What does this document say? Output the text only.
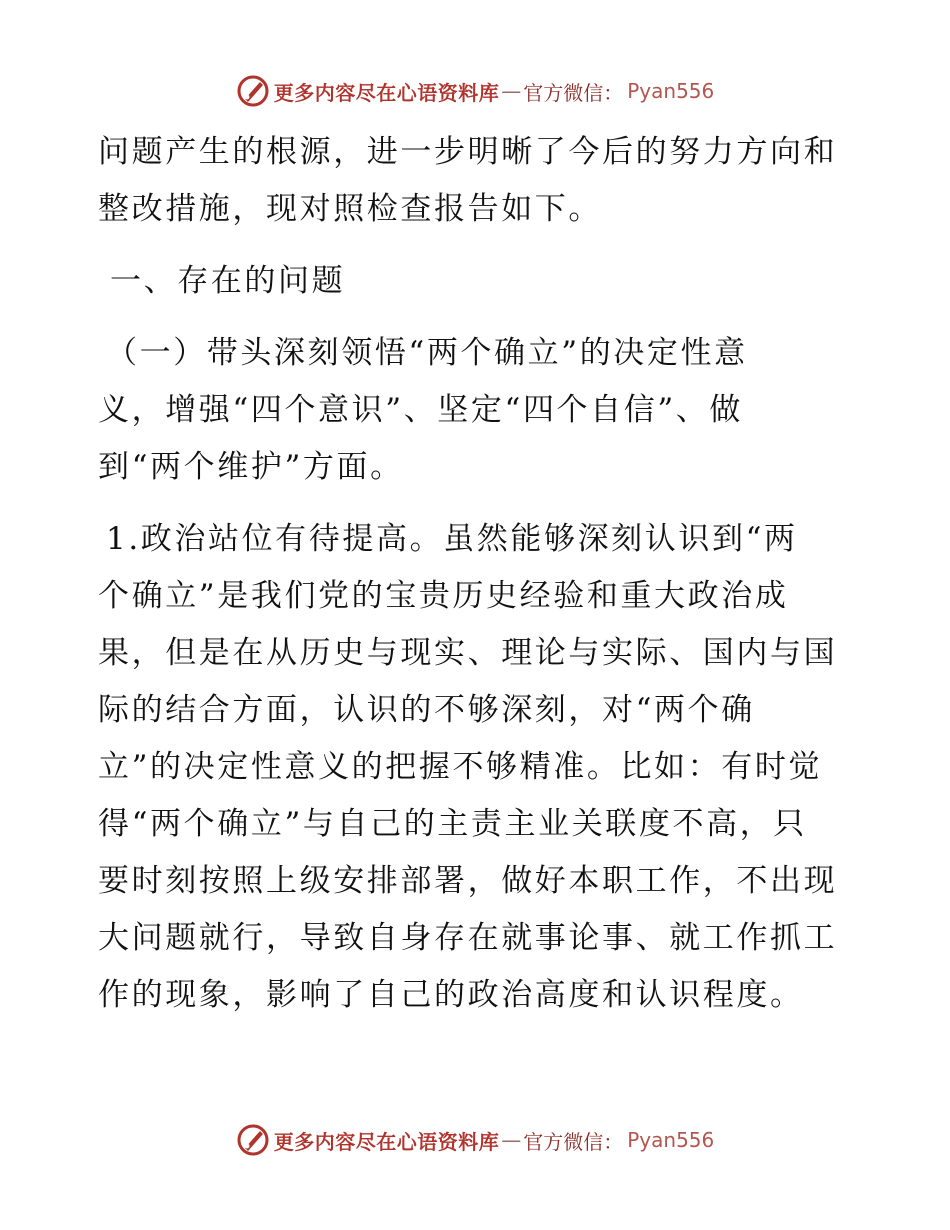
更多内容尽在心语资料库 — 官方微信： Pyan556
问题产生的根源，进一步明晰了今后的努力方向和
整改措施，现对照检查报告如下。
一、存在的问题
（一）带头深刻领悟“两个确立”的决定性意
义，增强“四个意识”、坚定“四个自信”、做
到“两个维护”方面。
1.政治站位有待提高。虽然能够深刻认识到“两
个确立”是我们党的宝贵历史经验和重大政治成
果，但是在从历史与现实、理论与实际、国内与国
际的结合方面，认识的不够深刻，对“两个确
立”的决定性意义的把握不够精准。比如：有时觉
得“两个确立”与自己的主责主业关联度不高，只
要时刻按照上级安排部署，做好本职工作，不出现
大问题就行，导致自身存在就事论事、就工作抓工
作的现象，影响了自己的政治高度和认识程度。
更多内容尽在心语资料库 — 官方微信： Pyan556
